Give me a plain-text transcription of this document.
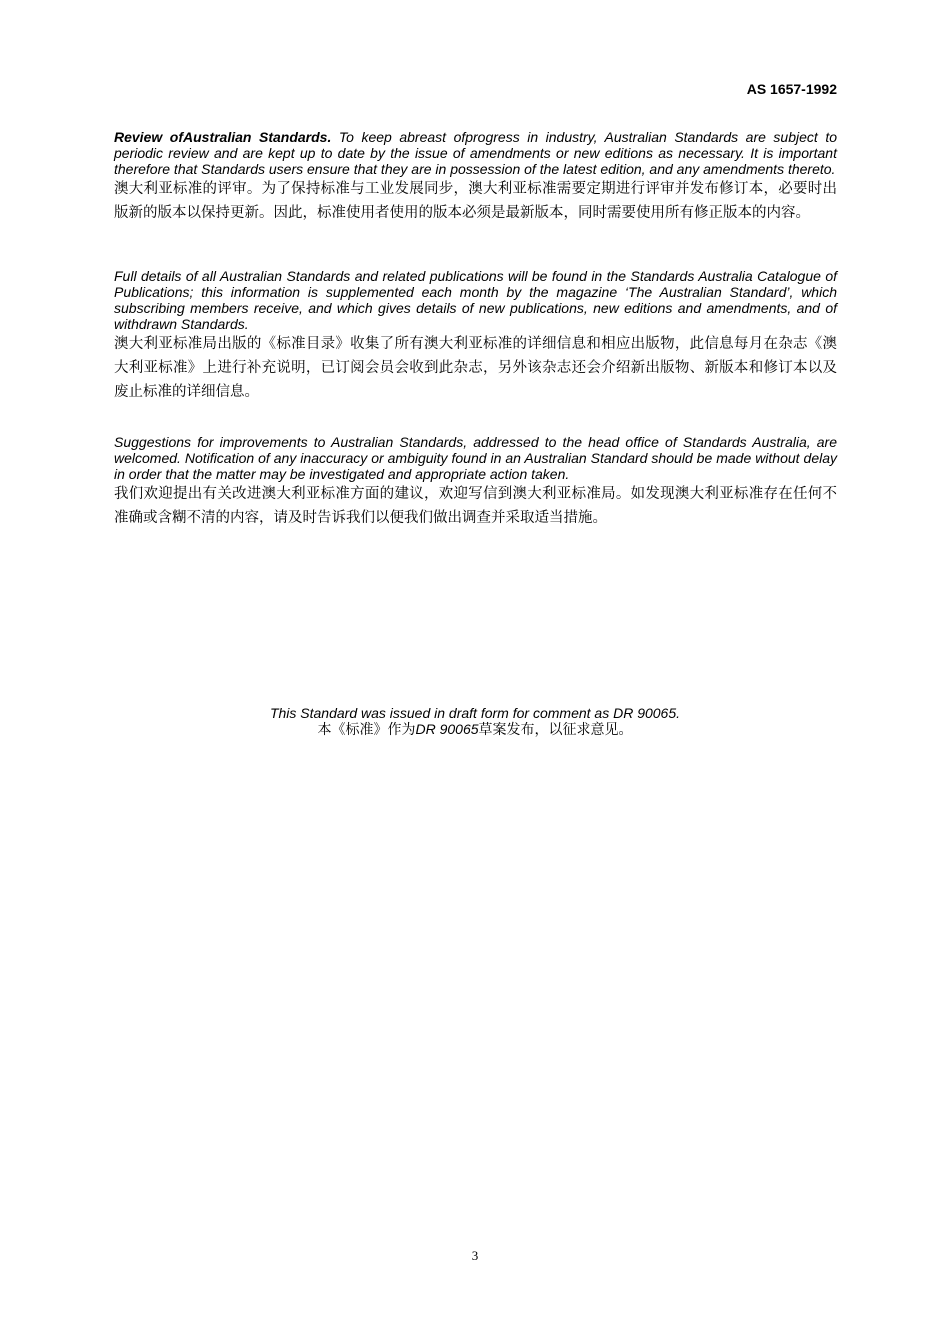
AS 1657-1992

Review ofAustralian Standards. To keep abreast ofprogress in industry, Australian Standards are subject to periodic review and are kept up to date by the issue of amendments or new editions as necessary. It is important therefore that Standards users ensure that they are in possession of the latest edition, and any amendments thereto.

澳大利亚标准的评审。为了保持标准与工业发展同步，澳大利亚标准需要定期进行评审并发布修订本，必要时出版新的版本以保持更新。因此，标准使用者使用的版本必须是最新版本，同时需要使用所有修正版本的内容。

Full details of all Australian Standards and related publications will be found in the Standards Australia Catalogue of Publications; this information is supplemented each month by the magazine ‘The Australian Standard’, which subscribing members receive, and which gives details of new publications, new editions and amendments, and of withdrawn Standards.

澳大利亚标准局出版的《标准目录》收集了所有澳大利亚标准的详细信息和相应出版物，此信息每月在杂志《澳大利亚标准》上进行补充说明，已订阅会员会收到此杂志，另外该杂志还会介绍新出版物、新版本和修订本以及废止标准的详细信息。

Suggestions for improvements to Australian Standards, addressed to the head office of Standards Australia, are welcomed. Notification of any inaccuracy or ambiguity found in an Australian Standard should be made without delay in order that the matter may be investigated and appropriate action taken.

我们欢迎提出有关改进澳大利亚标准方面的建议，欢迎写信到澳大利亚标准局。如发现澳大利亚标准存在任何不准确或含糊不清的内容，请及时告诉我们以便我们做出调查并采取适当措施。

This Standard was issued in draft form for comment as DR 90065.

本《标准》作为DR 90065草案发布，以征求意见。

3
